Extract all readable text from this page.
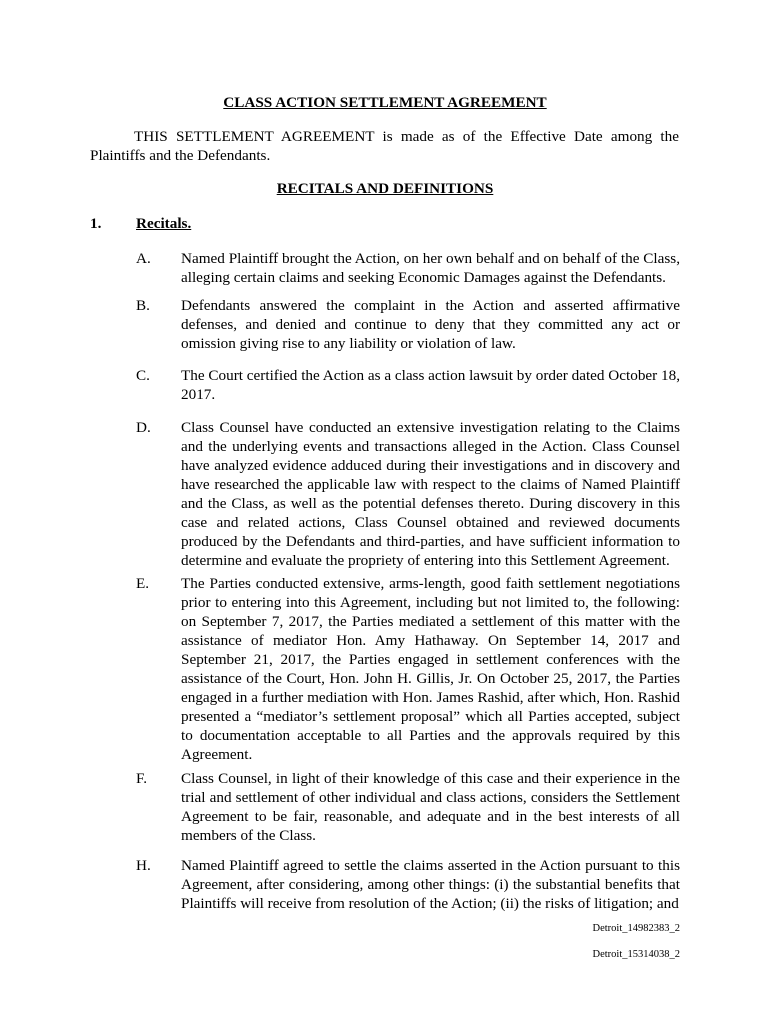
CLASS ACTION SETTLEMENT AGREEMENT

THIS SETTLEMENT AGREEMENT is made as of the Effective Date among the Plaintiffs and the Defendants.

RECITALS AND DEFINITIONS
1. Recitals.
A. Named Plaintiff brought the Action, on her own behalf and on behalf of the Class, alleging certain claims and seeking Economic Damages against the Defendants.

B. Defendants answered the complaint in the Action and asserted affirmative defenses, and denied and continue to deny that they committed any act or omission giving rise to any liability or violation of law.

C. The Court certified the Action as a class action lawsuit by order dated October 18, 2017.

D. Class Counsel have conducted an extensive investigation relating to the Claims and the underlying events and transactions alleged in the Action. Class Counsel have analyzed evidence adduced during their investigations and in discovery and have researched the applicable law with respect to the claims of Named Plaintiff and the Class, as well as the potential defenses thereto. During discovery in this case and related actions, Class Counsel obtained and reviewed documents produced by the Defendants and third-parties, and have sufficient information to determine and evaluate the propriety of entering into this Settlement Agreement.

E. The Parties conducted extensive, arms-length, good faith settlement negotiations prior to entering into this Agreement, including but not limited to, the following: on September 7, 2017, the Parties mediated a settlement of this matter with the assistance of mediator Hon. Amy Hathaway. On September 14, 2017 and September 21, 2017, the Parties engaged in settlement conferences with the assistance of the Court, Hon. John H. Gillis, Jr. On October 25, 2017, the Parties engaged in a further mediation with Hon. James Rashid, after which, Hon. Rashid presented a “mediator’s settlement proposal” which all Parties accepted, subject to documentation acceptable to all Parties and the approvals required by this Agreement.

F. Class Counsel, in light of their knowledge of this case and their experience in the trial and settlement of other individual and class actions, considers the Settlement Agreement to be fair, reasonable, and adequate and in the best interests of all members of the Class.

H. Named Plaintiff agreed to settle the claims asserted in the Action pursuant to this Agreement, after considering, among other things: (i) the substantial benefits that Plaintiffs will receive from resolution of the Action; (ii) the risks of litigation; and

Detroit_14982383_2
Detroit_15314038_2
